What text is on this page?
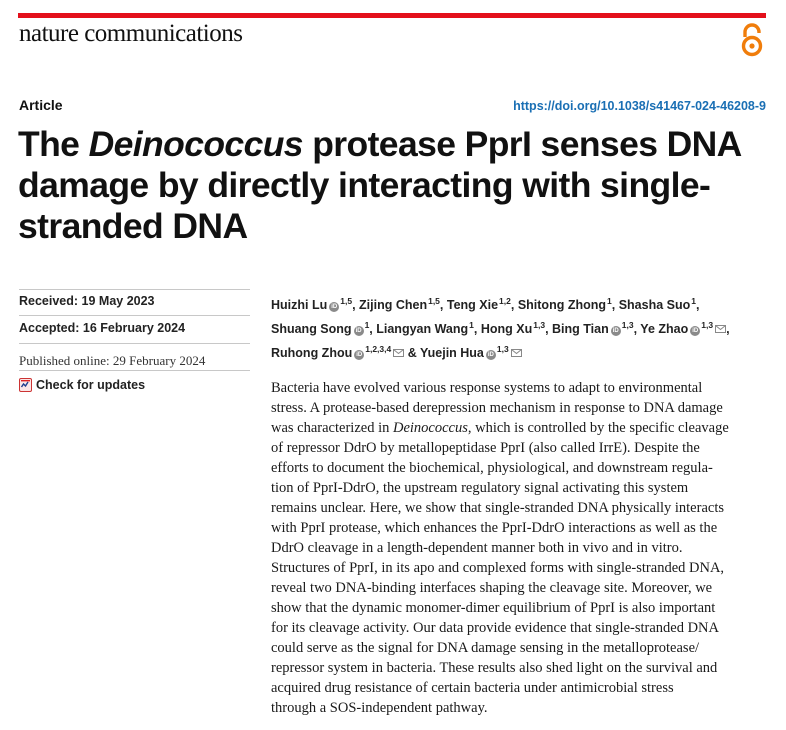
nature communications
Article	https://doi.org/10.1038/s41467-024-46208-9
The Deinococcus protease PprI senses DNA damage by directly interacting with single-stranded DNA
Received: 19 May 2023
Accepted: 16 February 2024
Published online: 29 February 2024
Check for updates
Huizhi Lu iD$^{1,5}$, Zijing Chen$^{1,5}$, Teng Xie$^{1,2}$, Shitong Zhong$^1$, Shasha Suo$^1$, Shuang Song iD$^1$, Liangyan Wang$^1$, Hong Xu$^{1,3}$, Bing Tian iD$^{1,3}$, Ye Zhao iD$^{1,3}$ , Ruhong Zhou iD$^{1,2,3,4}$ & Yuejin Hua iD$^{1,3}$

Bacteria have evolved various response systems to adapt to environmental
stress. A protease-based derepression mechanism in response to DNA damage
was characterized in Deinococcus, which is controlled by the specific cleavage
of repressor DdrO by metallopeptidase PprI (also called IrrE). Despite the
efforts to document the biochemical, physiological, and downstream regula-
tion of PprI-DdrO, the upstream regulatory signal activating this system
remains unclear. Here, we show that single-stranded DNA physically interacts
with PprI protease, which enhances the PprI-DdrO interactions as well as the
DdrO cleavage in a length-dependent manner both in vivo and in vitro.
Structures of PprI, in its apo and complexed forms with single-stranded DNA,
reveal two DNA-binding interfaces shaping the cleavage site. Moreover, we
show that the dynamic monomer-dimer equilibrium of PprI is also important
for its cleavage activity. Our data provide evidence that single-stranded DNA
could serve as the signal for DNA damage sensing in the metalloprotease/
repressor system in bacteria. These results also shed light on the survival and
acquired drug resistance of certain bacteria under antimicrobial stress
through a SOS-independent pathway.
